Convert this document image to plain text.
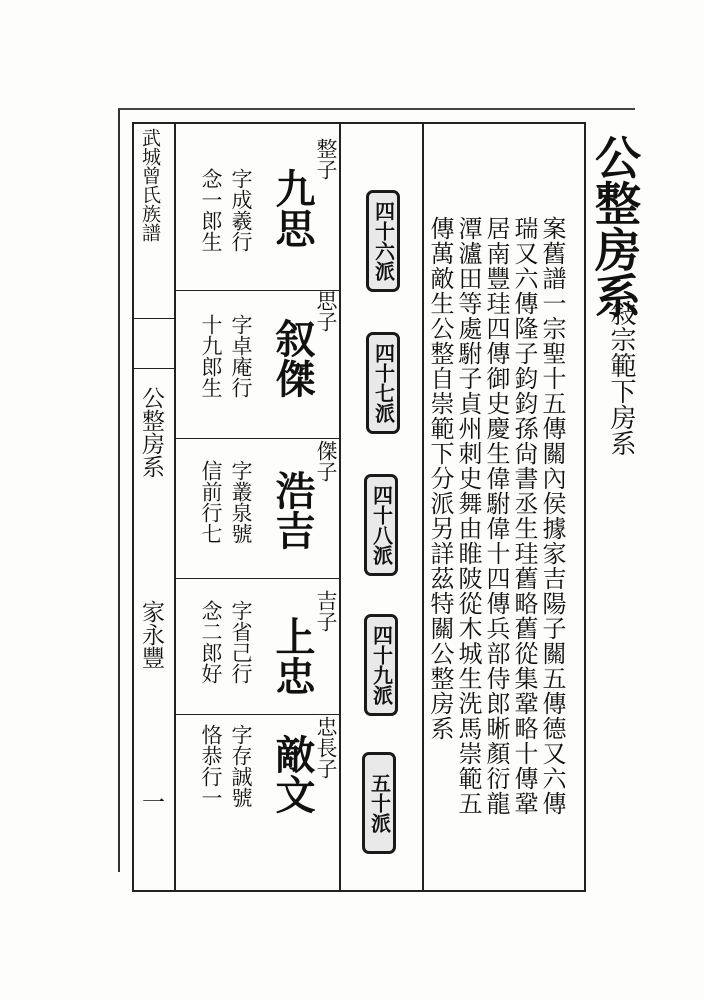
武城曾氏族譜
公整房系
家永豐
一
整子
九思
字成羲行
念一郎生
思子
叙傑
字卓庵行
十九郎生
傑子
浩吉
字叢泉號
信前行七
吉子
上忠
字省己行
念二郎好
忠長子
敵文
字存誠號
恪恭行一
四十六派
四十七派
四十八派
四十九派
五十派
公整房系
敍宗範下房系
案舊譜一宗聖十五傳關內侯據家吉陽子關五傳德又六傳
瑞又六傳隆子鈞鈞孫尙書丞生珪舊略舊從集鞏略十傳鞏
居南豐珪四傳御史慶生偉駙偉十四傳兵部侍郎晰顏衍龍
潭瀘田等處駙子貞州刺史舞由睢陂從木城生洗馬崇範五
傳萬敵生公整自崇範下分派另詳茲特關公整房系
